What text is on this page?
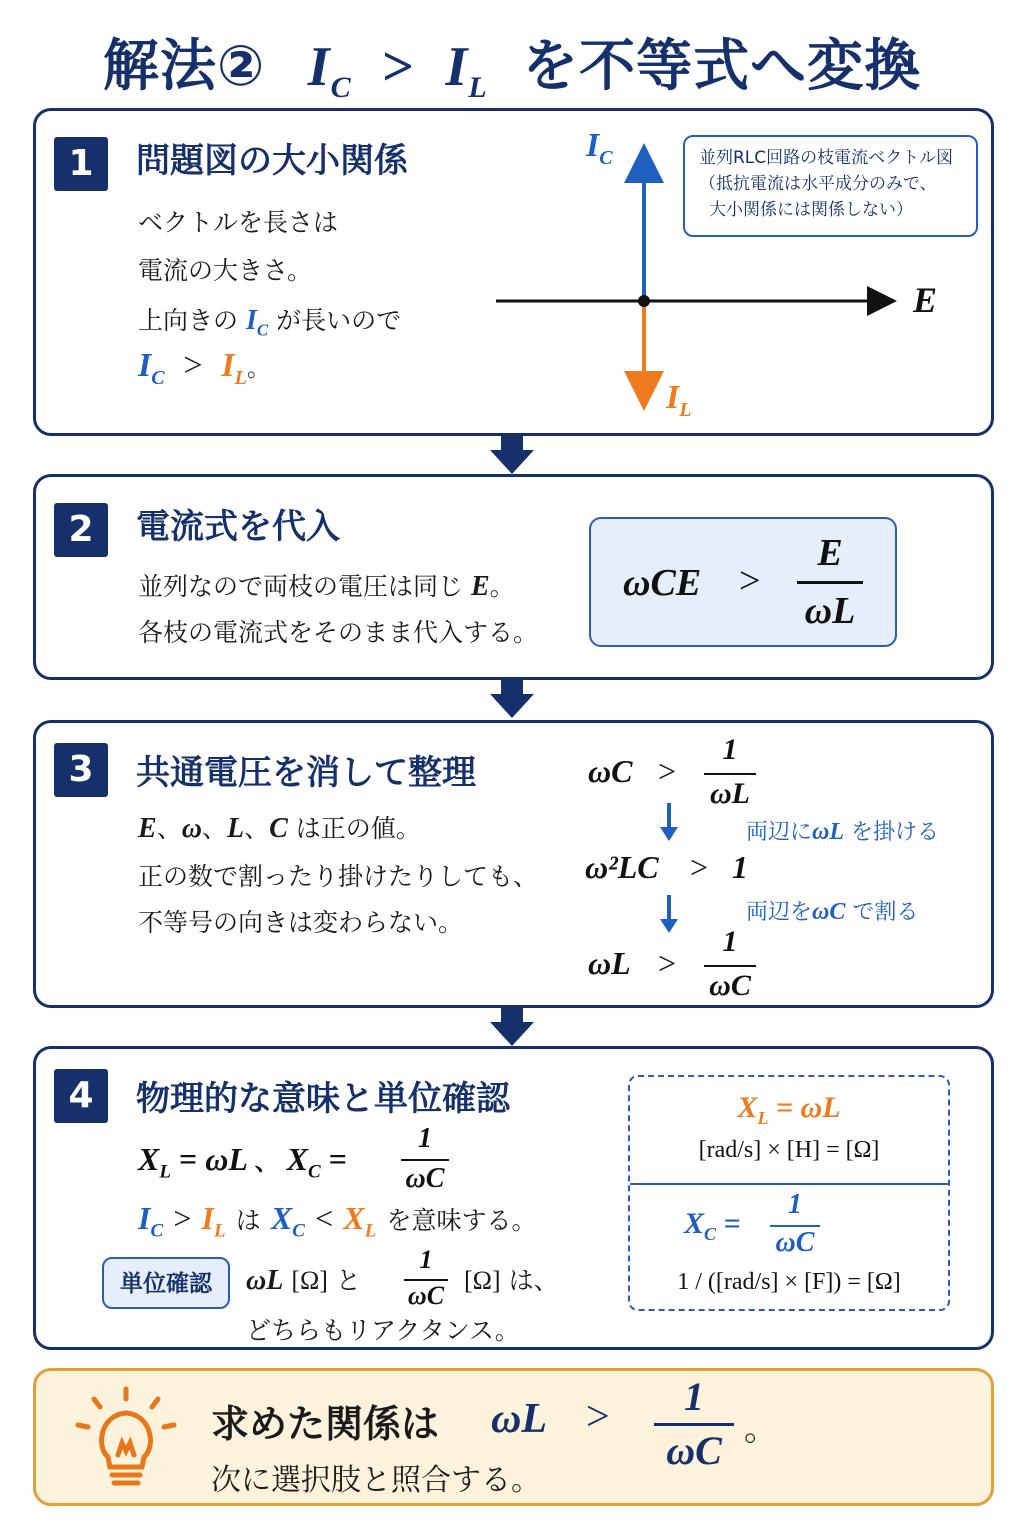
解法② $I_C > I_L$ を不等式へ変換
1	問題図の大小関係
ベクトルを長さは
電流の大きさ。
上向きの $I_C$ が長いので
$I_C > I_L$。
$I_C$
$I_L$
E
並列RLC回路の枝電流ベクトル図
（抵抗電流は水平成分のみで、
大小関係には関係しない）
2	電流式を代入
並列なので両枝の電圧は同じ E。
各枝の電流式をそのまま代入する。
ωCE >
E
ωL
3	共通電圧を消して整理
E、ω、L、C は正の値。
正の数で割ったり掛けたりしても、
不等号の向きは変わらない。
ωC >
1
ωL
両辺にωL を掛ける
ω²LC > 1
両辺をωC で割る
ωL >
1
ωC
4	物理的な意味と単位確認
$X_L = \omega L$ 、 $X_C$ =
1
ωC
$I_C > I_L$ は $X_C < X_L$ を意味する。
単位確認	ωL [Ω] と
1
ωC
[Ω] は、
どちらもリアクタンス。
$X_L = \omega L$
[rad/s] × [H] = [Ω]
$X_C$ =
1
ωC
1 / ([rad/s] × [F]) = [Ω]
求めた関係は ωL >	1
ωC 。
次に選択肢と照合する。
